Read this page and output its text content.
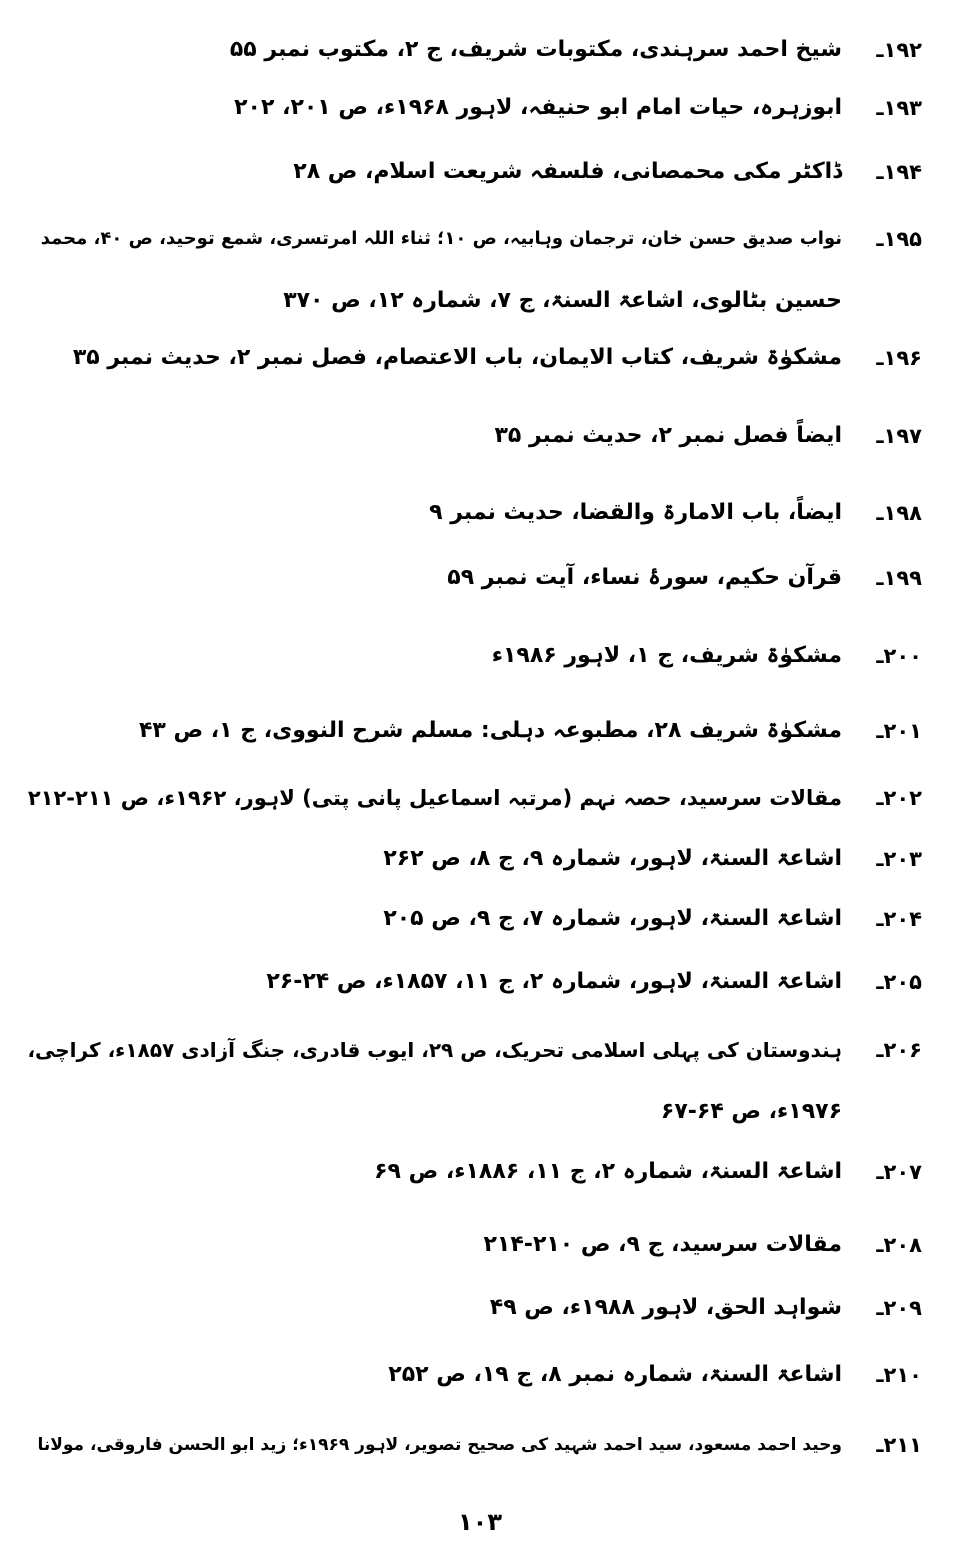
۱۹۲ـ
شیخ احمد سرہندی، مکتوبات شریف، ج ۲، مکتوب نمبر ۵۵
۱۹۳ـ
ابوزہرہ، حیات امام ابو حنیفہ، لاہور ۱۹۶۸ء، ص ۲۰۱، ۲۰۲
۱۹۴ـ
ڈاکٹر مکی محمصانی، فلسفہ شریعت اسلام، ص ۲۸
۱۹۵ـ
نواب صدیق حسن خان، ترجمان وہابیہ، ص ۱۰؛ ثناء اللہ امرتسری، شمع توحید، ص ۴۰، محمد
حسین بٹالوی، اشاعۃ السنۃ، ج ۷، شمارہ ۱۲، ص ۳۷۰
۱۹۶ـ
مشکوٰۃ شریف، کتاب الایمان، باب الاعتصام، فصل نمبر ۲، حدیث نمبر ۳۵
۱۹۷ـ
ایضاً فصل نمبر ۲، حدیث نمبر ۳۵
۱۹۸ـ
ایضاً، باب الامارۃ والقضا، حدیث نمبر ۹
۱۹۹ـ
قرآن حکیم، سورۂ نساء، آیت نمبر ۵۹
۲۰۰ـ
مشکوٰۃ شریف، ج ۱، لاہور ۱۹۸۶ء
۲۰۱ـ
مشکوٰۃ شریف ۲۸، مطبوعہ دہلی: مسلم شرح النووی، ج ۱، ص ۴۳
۲۰۲ـ
مقالات سرسید، حصہ نہم (مرتبہ اسماعیل پانی پتی) لاہور، ۱۹۶۲ء، ص ۲۱۱-۲۱۲
۲۰۳ـ
اشاعۃ السنۃ، لاہور، شمارہ ۹، ج ۸، ص ۲۶۲
۲۰۴ـ
اشاعۃ السنۃ، لاہور، شمارہ ۷، ج ۹، ص ۲۰۵
۲۰۵ـ
اشاعۃ السنۃ، لاہور، شمارہ ۲، ج ۱۱، ۱۸۵۷ء، ص ۲۴-۲۶
۲۰۶ـ
ہندوستان کی پہلی اسلامی تحریک، ص ۲۹، ایوب قادری، جنگ آزادی ۱۸۵۷ء، کراچی،
۱۹۷۶ء، ص ۶۴-۶۷
۲۰۷ـ
اشاعۃ السنۃ، شمارہ ۲، ج ۱۱، ۱۸۸۶ء، ص ۶۹
۲۰۸ـ
مقالات سرسید، ج ۹، ص ۲۱۰-۲۱۴
۲۰۹ـ
شواہد الحق، لاہور ۱۹۸۸ء، ص ۴۹
۲۱۰ـ
اشاعۃ السنۃ، شمارہ نمبر ۸، ج ۱۹، ص ۲۵۲
۲۱۱ـ
وحید احمد مسعود، سید احمد شہید کی صحیح تصویر، لاہور ۱۹۶۹ء؛ زید ابو الحسن فاروقی، مولانا
۱۰۳
